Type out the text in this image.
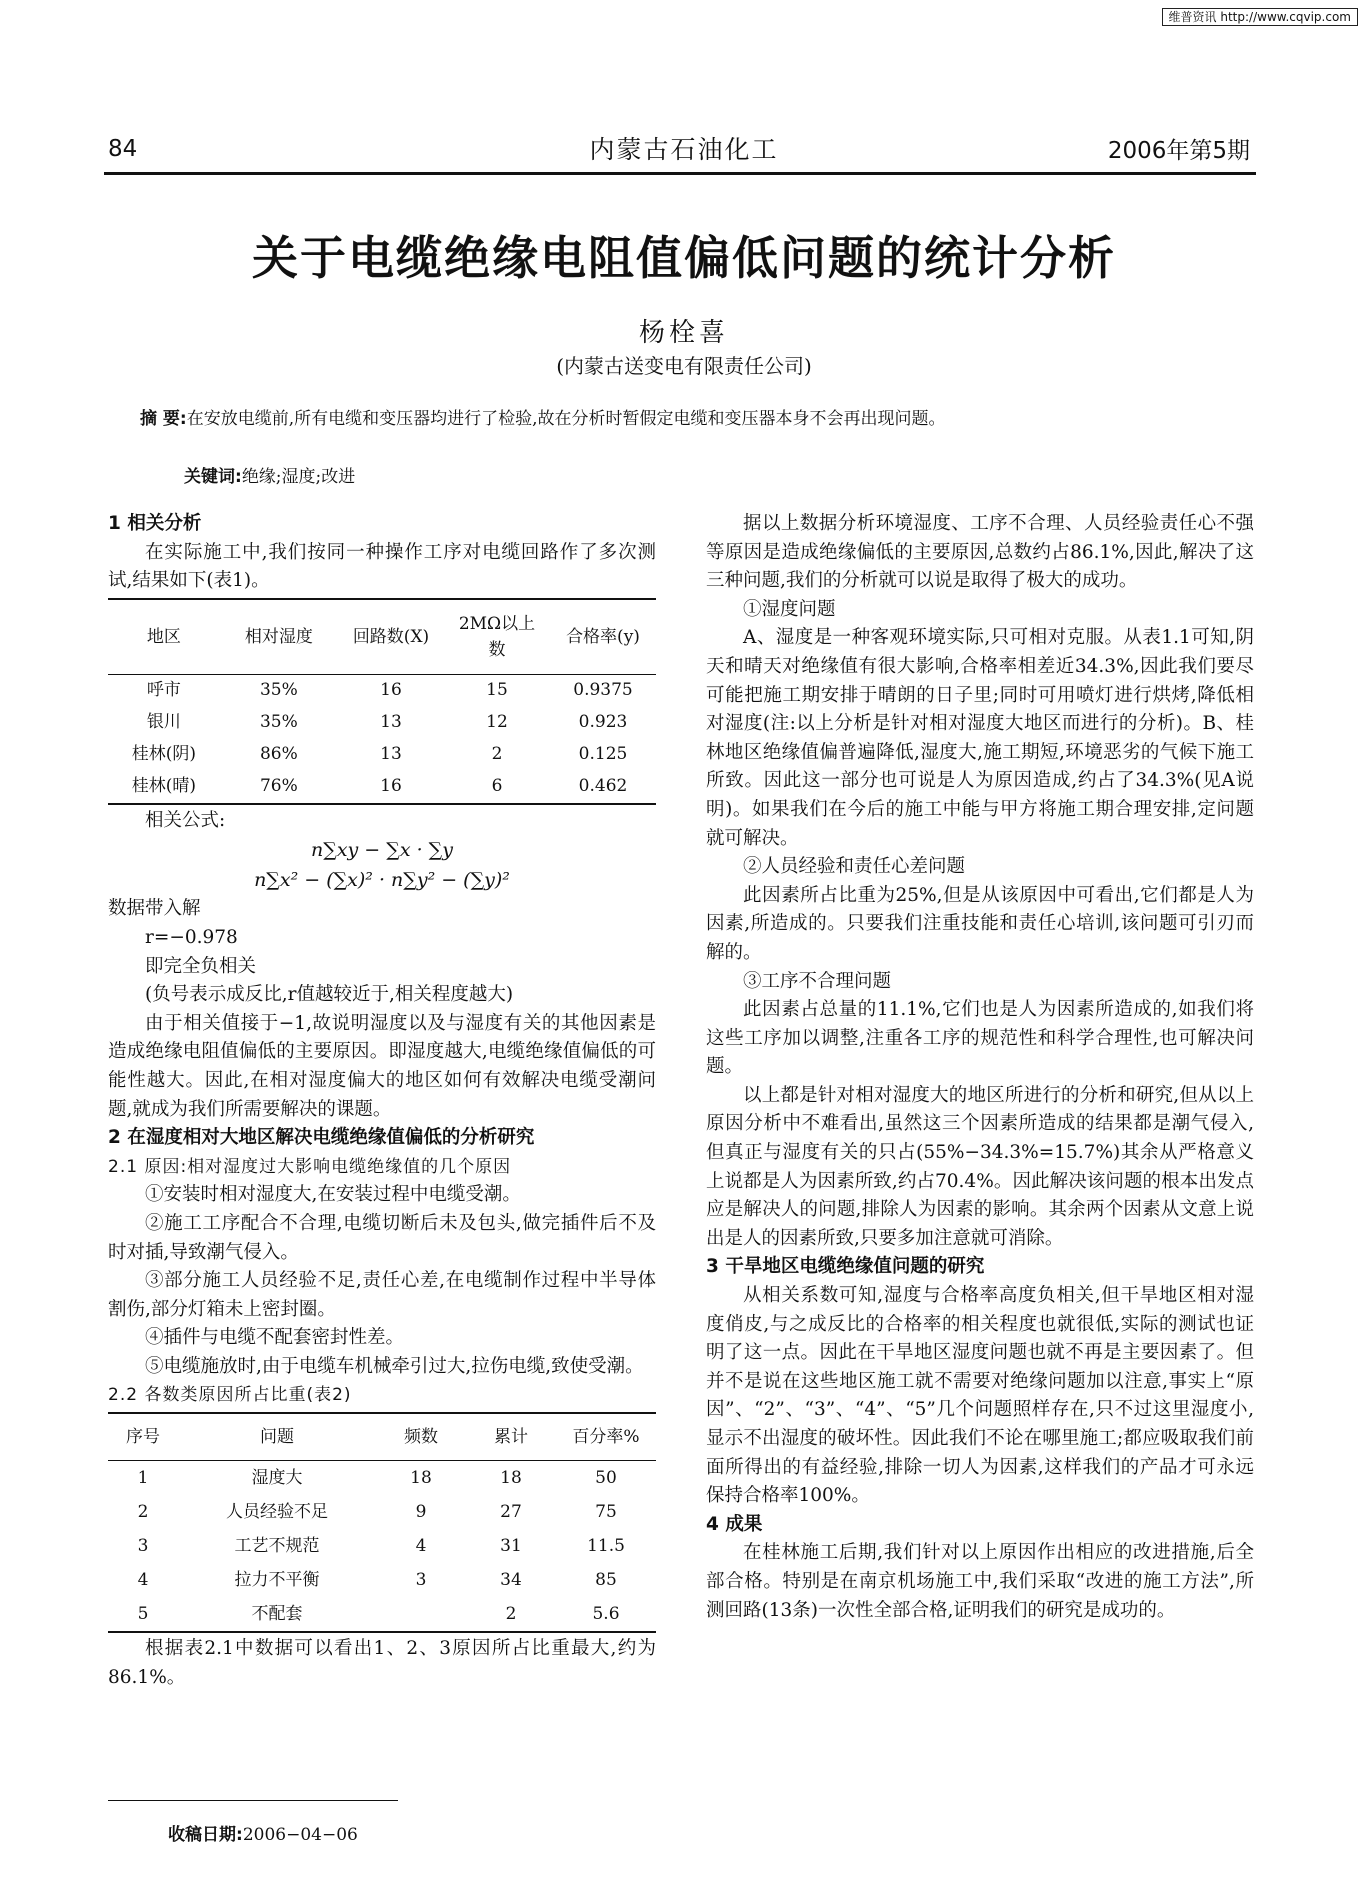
维普资讯 http://www.cqvip.com
84	内蒙古石油化工	2006年第5期
关于电缆绝缘电阻值偏低问题的统计分析
杨栓喜
(内蒙古送变电有限责任公司)
摘 要:在安放电缆前,所有电缆和变压器均进行了检验,故在分析时暂假定电缆和变压器本身不会再出现问题。
关键词:绝缘;湿度;改进

1 相关分析

在实际施工中,我们按同一种操作工序对电缆回路作了多次测试,结果如下(表1)。

地区	相对湿度	回路数(X)	2MΩ以上数	合格率(y)
呼市	35%	16	15	0.9375
银川	35%	13	12	0.923
桂林(阴)	86%	13	2	0.125
桂林(晴)	76%	16	6	0.462

相关公式:

n∑xy − ∑x · ∑y

n∑x² − (∑x)² · n∑y² − (∑y)²

数据带入解

r=−0.978

即完全负相关

(负号表示成反比,r值越较近于,相关程度越大)

由于相关值接于−1,故说明湿度以及与湿度有关的其他因素是造成绝缘电阻值偏低的主要原因。即湿度越大,电缆绝缘值偏低的可能性越大。因此,在相对湿度偏大的地区如何有效解决电缆受潮问题,就成为我们所需要解决的课题。

2 在湿度相对大地区解决电缆绝缘值偏低的分析研究

2.1 原因:相对湿度过大影响电缆绝缘值的几个原因

①安装时相对湿度大,在安装过程中电缆受潮。

②施工工序配合不合理,电缆切断后未及包头,做完插件后不及时对插,导致潮气侵入。

③部分施工人员经验不足,责任心差,在电缆制作过程中半导体割伤,部分灯箱未上密封圈。

④插件与电缆不配套密封性差。

⑤电缆施放时,由于电缆车机械牵引过大,拉伤电缆,致使受潮。

2.2 各数类原因所占比重(表2)

序号	问题	频数	累计	百分率%
1	湿度大	18	18	50
2	人员经验不足	9	27	75
3	工艺不规范	4	31	11.5
4	拉力不平衡	3	34	85
5	不配套		2	5.6

根据表2.1中数据可以看出1、2、3原因所占比重最大,约为86.1%。

据以上数据分析环境湿度、工序不合理、人员经验责任心不强等原因是造成绝缘偏低的主要原因,总数约占86.1%,因此,解决了这三种问题,我们的分析就可以说是取得了极大的成功。

①湿度问题

A、湿度是一种客观环境实际,只可相对克服。从表1.1可知,阴天和晴天对绝缘值有很大影响,合格率相差近34.3%,因此我们要尽可能把施工期安排于晴朗的日子里;同时可用喷灯进行烘烤,降低相对湿度(注:以上分析是针对相对湿度大地区而进行的分析)。B、桂林地区绝缘值偏普遍降低,湿度大,施工期短,环境恶劣的气候下施工所致。因此这一部分也可说是人为原因造成,约占了34.3%(见A说明)。如果我们在今后的施工中能与甲方将施工期合理安排,定问题就可解决。

②人员经验和责任心差问题

此因素所占比重为25%,但是从该原因中可看出,它们都是人为因素,所造成的。只要我们注重技能和责任心培训,该问题可引刃而解的。

③工序不合理问题

此因素占总量的11.1%,它们也是人为因素所造成的,如我们将这些工序加以调整,注重各工序的规范性和科学合理性,也可解决问题。

以上都是针对相对湿度大的地区所进行的分析和研究,但从以上原因分析中不难看出,虽然这三个因素所造成的结果都是潮气侵入,但真正与湿度有关的只占(55%−34.3%=15.7%)其余从严格意义上说都是人为因素所致,约占70.4%。因此解决该问题的根本出发点应是解决人的问题,排除人为因素的影响。其余两个因素从文意上说出是人的因素所致,只要多加注意就可消除。

3 干旱地区电缆绝缘值问题的研究

从相关系数可知,湿度与合格率高度负相关,但干旱地区相对湿度俏皮,与之成反比的合格率的相关程度也就很低,实际的测试也证明了这一点。因此在干旱地区湿度问题也就不再是主要因素了。但并不是说在这些地区施工就不需要对绝缘问题加以注意,事实上“原因”、“2”、“3”、“4”、“5”几个问题照样存在,只不过这里湿度小,显示不出湿度的破坏性。因此我们不论在哪里施工;都应吸取我们前面所得出的有益经验,排除一切人为因素,这样我们的产品才可永远保持合格率100%。

4 成果

在桂林施工后期,我们针对以上原因作出相应的改进措施,后全部合格。特别是在南京机场施工中,我们采取“改进的施工方法”,所测回路(13条)一次性全部合格,证明我们的研究是成功的。

收稿日期:2006−04−06
